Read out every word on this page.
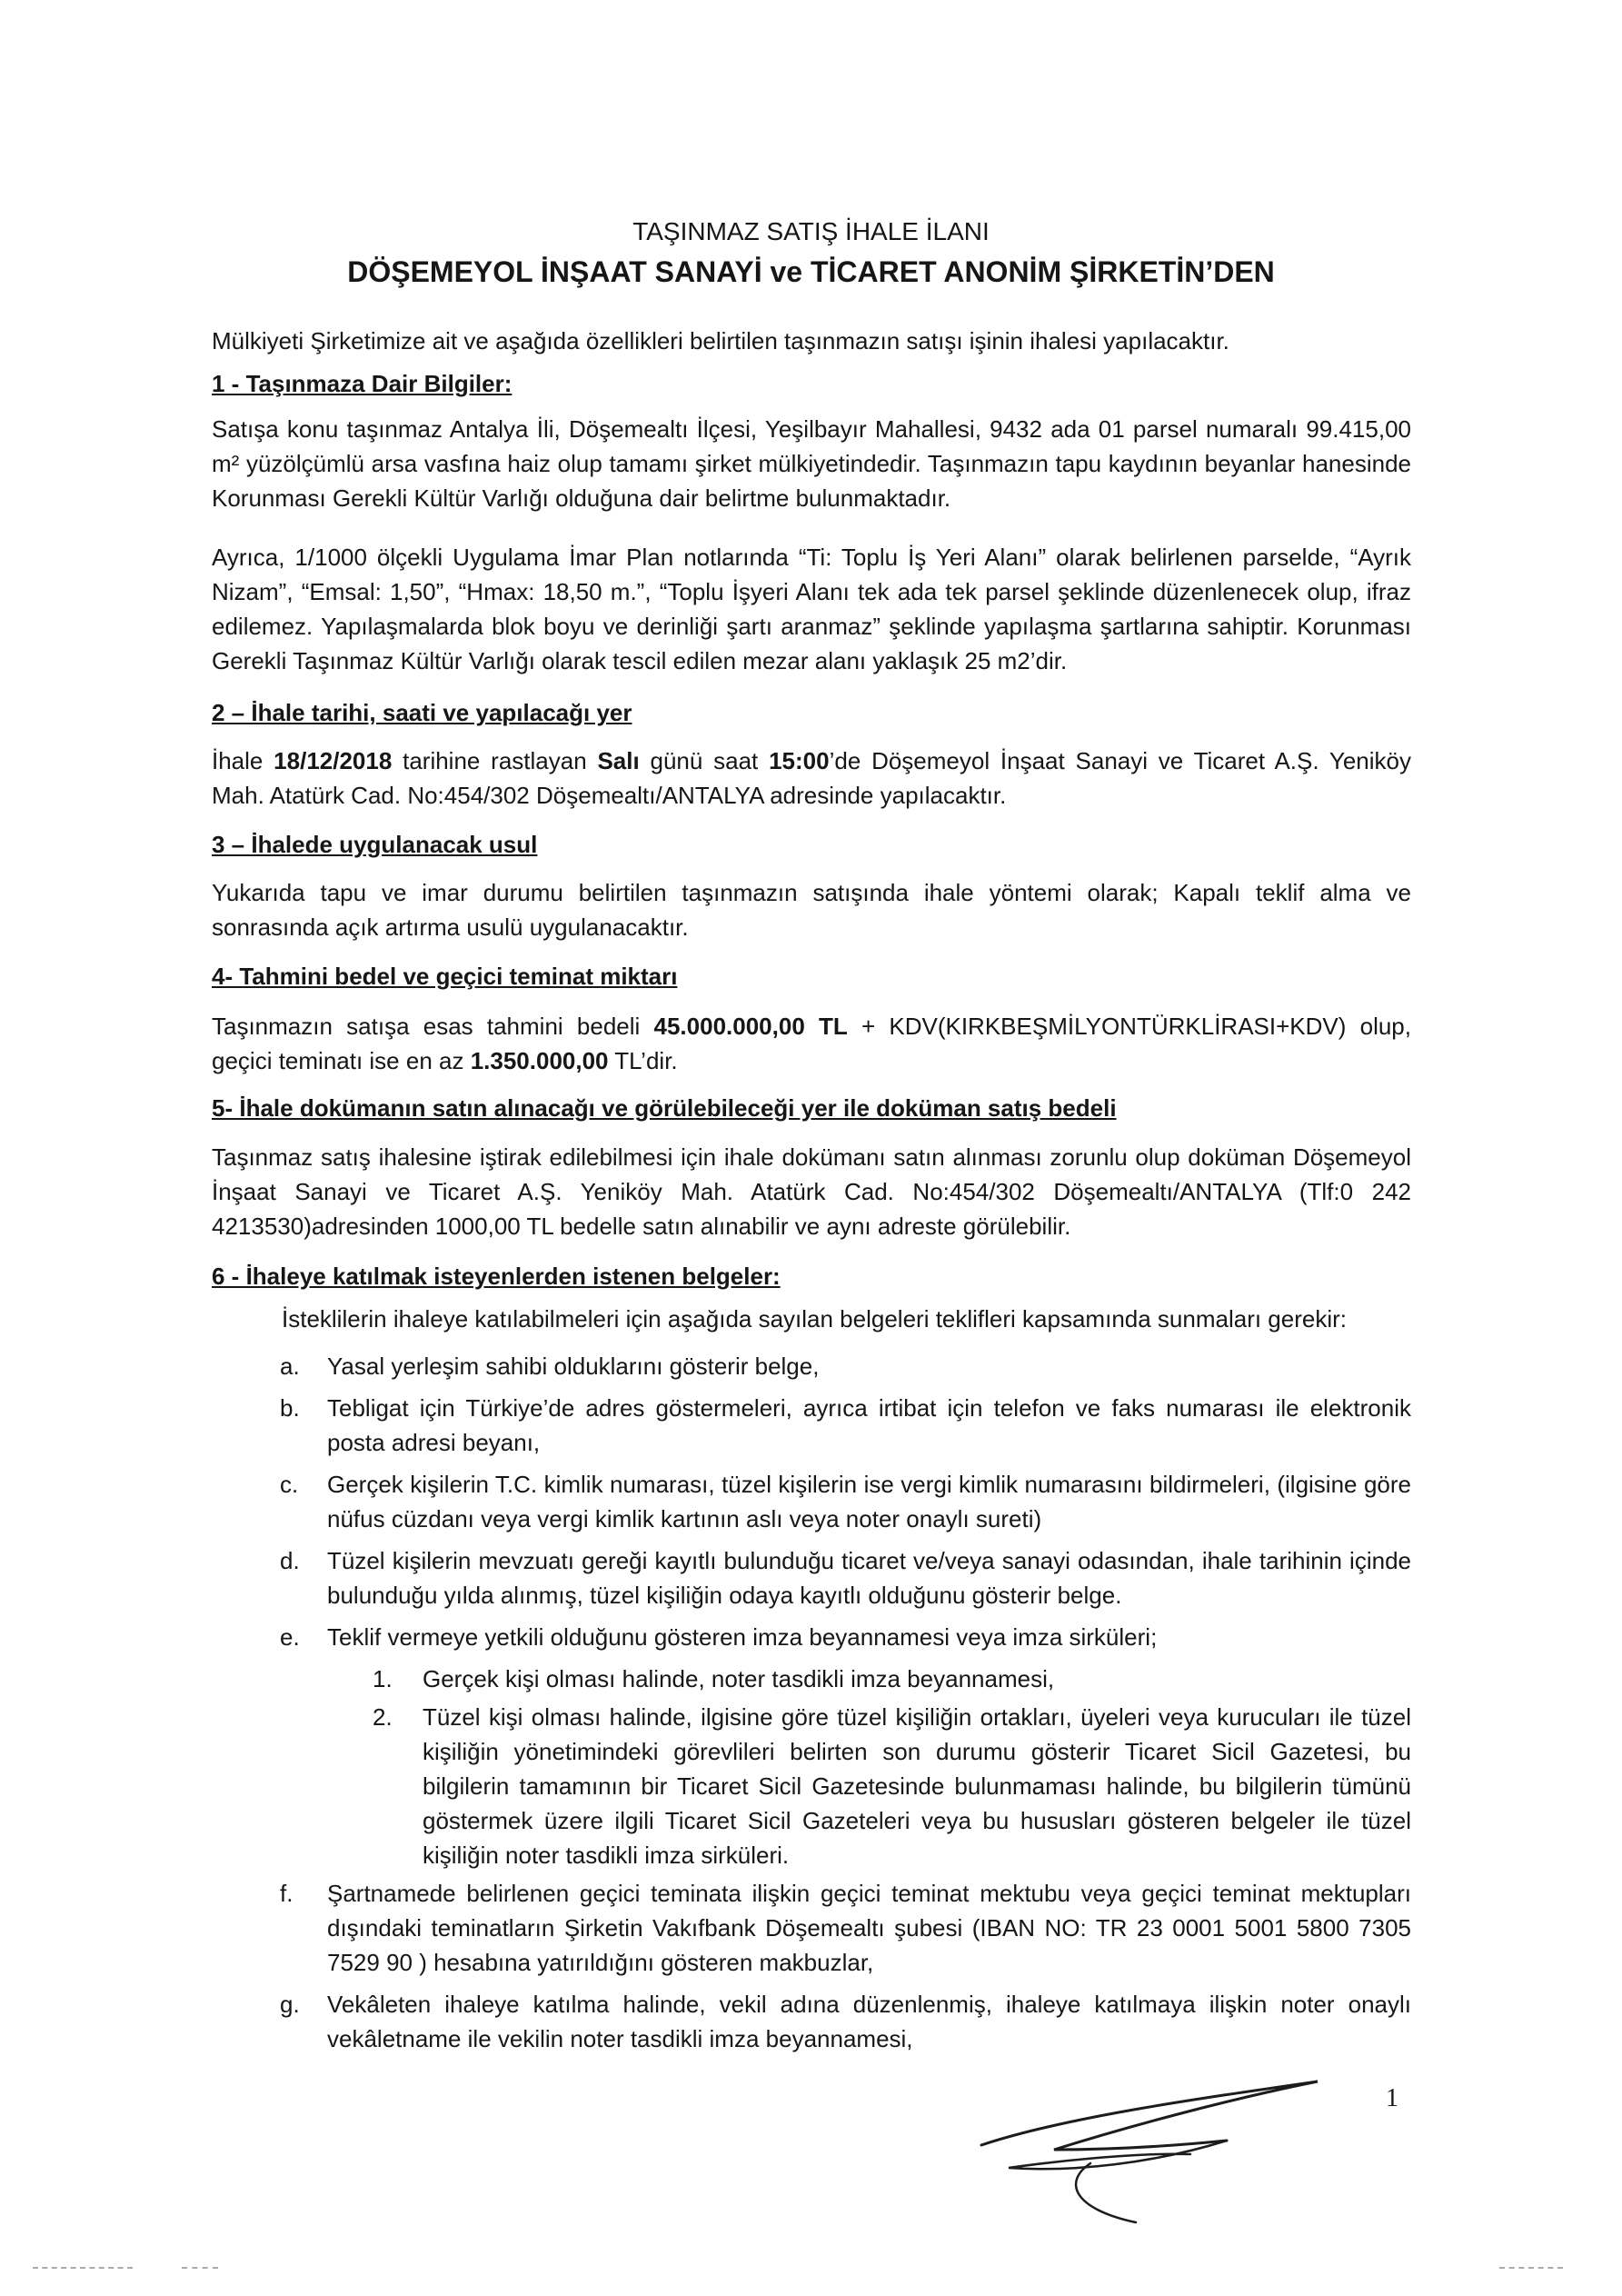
TAŞINMAZ SATIŞ İHALE İLANI
DÖŞEMEYOL İNŞAAT SANAYİ ve TİCARET ANONİM ŞİRKETİN’DEN
Mülkiyeti Şirketimize ait ve aşağıda özellikleri belirtilen taşınmazın satışı işinin ihalesi yapılacaktır.
1 - Taşınmaza Dair Bilgiler:
Satışa konu taşınmaz Antalya İli, Döşemealtı İlçesi, Yeşilbayır Mahallesi, 9432 ada 01 parsel numaralı 99.415,00 m² yüzölçümlü arsa vasfına haiz olup tamamı şirket mülkiyetindedir. Taşınmazın tapu kaydının beyanlar hanesinde Korunması Gerekli Kültür Varlığı olduğuna dair belirtme bulunmaktadır.
Ayrıca, 1/1000 ölçekli Uygulama İmar Plan notlarında “Ti: Toplu İş Yeri Alanı” olarak belirlenen parselde, “Ayrık Nizam”, “Emsal: 1,50”, “Hmax: 18,50 m.”, “Toplu İşyeri Alanı tek ada tek parsel şeklinde düzenlenecek olup, ifraz edilemez. Yapılaşmalarda blok boyu ve derinliği şartı aranmaz” şeklinde yapılaşma şartlarına sahiptir. Korunması Gerekli Taşınmaz Kültür Varlığı olarak tescil edilen mezar alanı yaklaşık 25 m2’dir.
2 – İhale tarihi, saati ve yapılacağı yer
İhale 18/12/2018 tarihine rastlayan Salı günü saat 15:00’de Döşemeyol İnşaat Sanayi ve Ticaret A.Ş. Yeniköy Mah. Atatürk Cad. No:454/302 Döşemealtı/ANTALYA adresinde yapılacaktır.
3 – İhalede uygulanacak usul
Yukarıda tapu ve imar durumu belirtilen taşınmazın satışında ihale yöntemi olarak; Kapalı teklif alma ve sonrasında açık artırma usulü uygulanacaktır.
4- Tahmini bedel ve geçici teminat miktarı
Taşınmazın satışa esas tahmini bedeli 45.000.000,00 TL + KDV(KIRKBEŞMİLYONTÜRKLİRASI+KDV) olup, geçici teminatı ise en az 1.350.000,00 TL’dir.
5- İhale dokümanın satın alınacağı ve görülebileceği yer ile doküman satış bedeli
Taşınmaz satış ihalesine iştirak edilebilmesi için ihale dokümanı satın alınması zorunlu olup doküman Döşemeyol İnşaat Sanayi ve Ticaret A.Ş. Yeniköy Mah. Atatürk Cad. No:454/302 Döşemealtı/ANTALYA (Tlf:0 242 4213530)adresinden 1000,00 TL bedelle satın alınabilir ve aynı adreste görülebilir.
6 - İhaleye katılmak isteyenlerden istenen belgeler:
İsteklilerin ihaleye katılabilmeleri için aşağıda sayılan belgeleri teklifleri kapsamında sunmaları gerekir:
a. Yasal yerleşim sahibi olduklarını gösterir belge,
b. Tebligat için Türkiye’de adres göstermeleri, ayrıca irtibat için telefon ve faks numarası ile elektronik posta adresi beyanı,
c. Gerçek kişilerin T.C. kimlik numarası, tüzel kişilerin ise vergi kimlik numarasını bildirmeleri, (ilgisine göre nüfus cüzdanı veya vergi kimlik kartının aslı veya noter onaylı sureti)
d. Tüzel kişilerin mevzuatı gereği kayıtlı bulunduğu ticaret ve/veya sanayi odasından, ihale tarihinin içinde bulunduğu yılda alınmış, tüzel kişiliğin odaya kayıtlı olduğunu gösterir belge.
e. Teklif vermeye yetkili olduğunu gösteren imza beyannamesi veya imza sirküleri;
1. Gerçek kişi olması halinde, noter tasdikli imza beyannamesi,
2. Tüzel kişi olması halinde, ilgisine göre tüzel kişiliğin ortakları, üyeleri veya kurucuları ile tüzel kişiliğin yönetimindeki görevlileri belirten son durumu gösterir Ticaret Sicil Gazetesi, bu bilgilerin tamamının bir Ticaret Sicil Gazetesinde bulunmaması halinde, bu bilgilerin tümünü göstermek üzere ilgili Ticaret Sicil Gazeteleri veya bu hususları gösteren belgeler ile tüzel kişiliğin noter tasdikli imza sirküleri.
f. Şartnamede belirlenen geçici teminata ilişkin geçici teminat mektubu veya geçici teminat mektupları dışındaki teminatların Şirketin Vakıfbank Döşemealtı şubesi (IBAN NO: TR 23 0001 5001 5800 7305 7529 90 ) hesabına yatırıldığını gösteren makbuzlar,
g. Vekâleten ihaleye katılma halinde, vekil adına düzenlenmiş, ihaleye katılmaya ilişkin noter onaylı vekâletname ile vekilin noter tasdikli imza beyannamesi,
1
